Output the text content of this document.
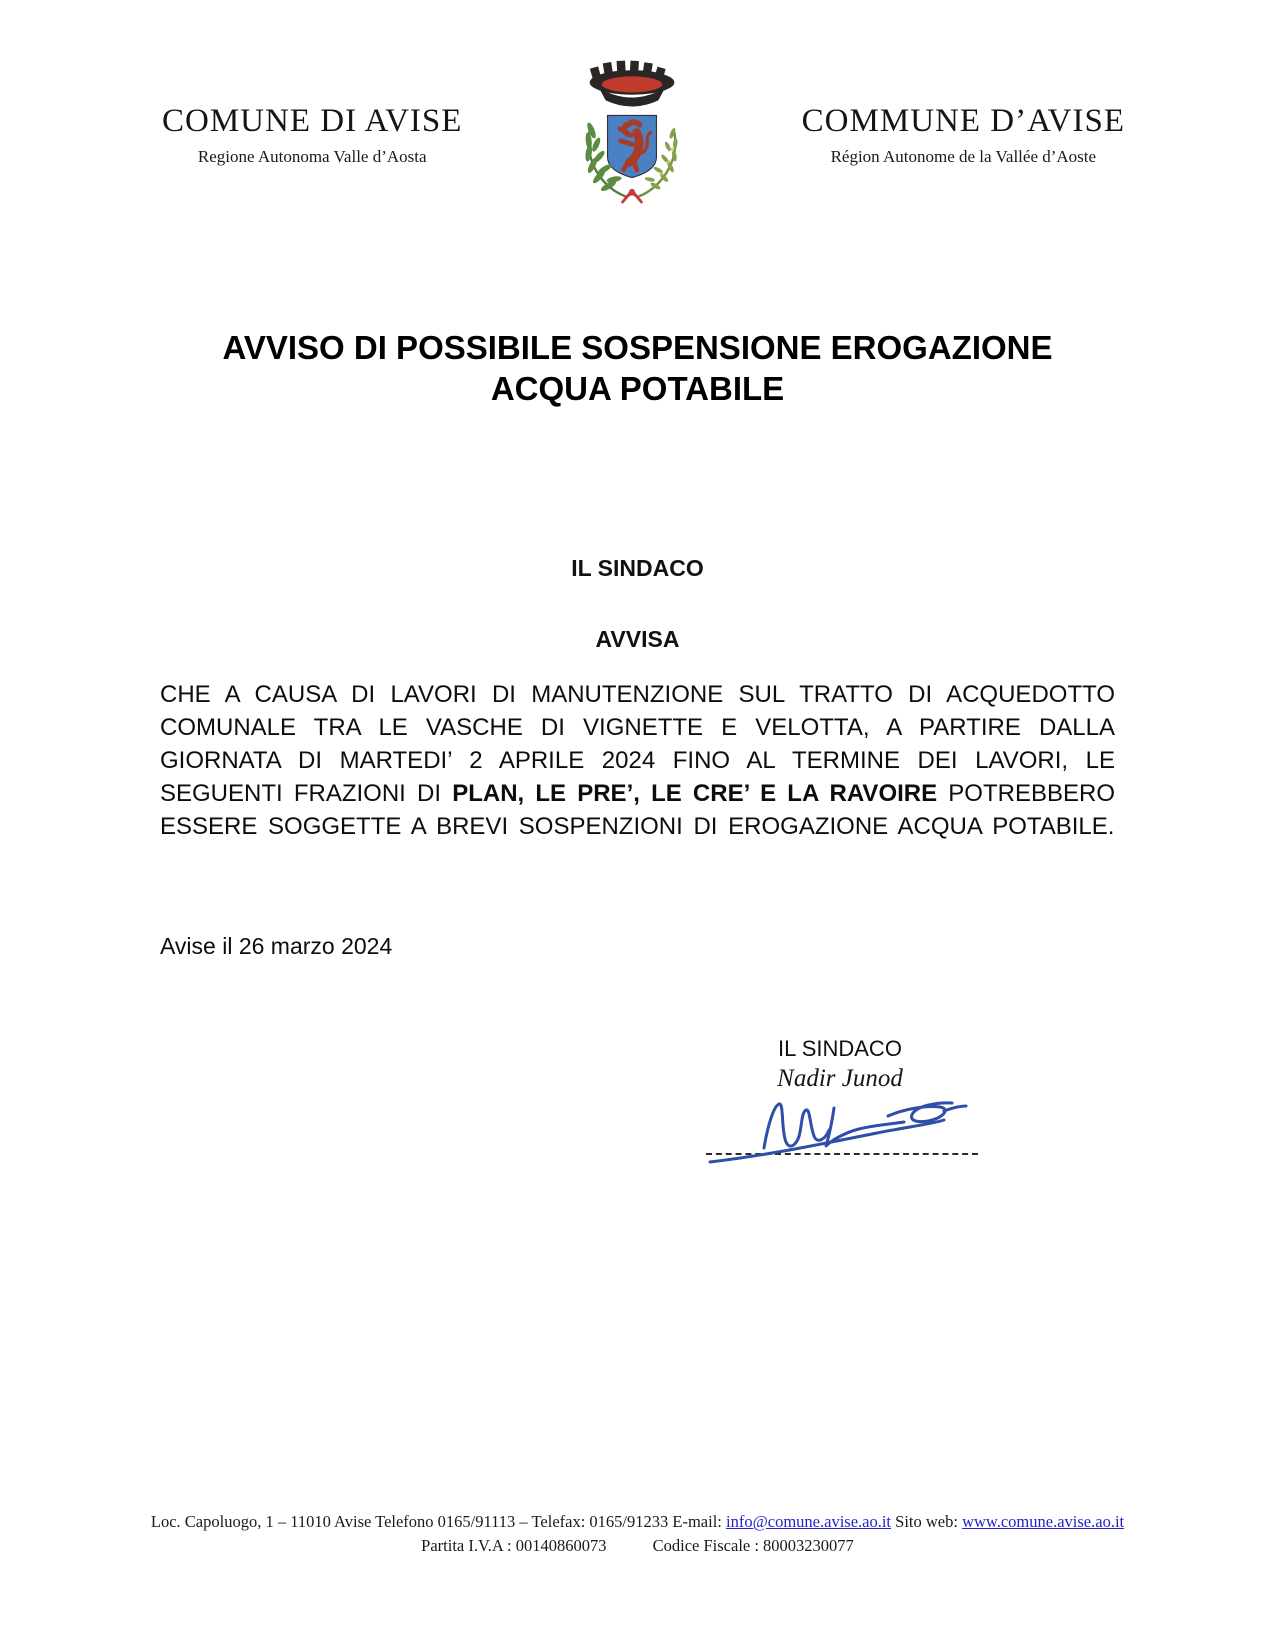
COMUNE DI AVISE
Regione Autonoma Valle d’Aosta
COMMUNE D’AVISE
Région Autonome de la Vallée d’Aoste
AVVISO DI POSSIBILE SOSPENSIONE EROGAZIONE ACQUA POTABILE
IL SINDACO
AVVISA
CHE A CAUSA DI LAVORI DI MANUTENZIONE SUL TRATTO DI ACQUEDOTTO COMUNALE TRA LE VASCHE DI VIGNETTE E VELOTTA, A PARTIRE DALLA GIORNATA DI MARTEDI’ 2 APRILE 2024 FINO AL TERMINE DEI LAVORI, LE SEGUENTI FRAZIONI DI PLAN, LE PRE’, LE CRE’ E LA RAVOIRE POTREBBERO ESSERE SOGGETTE A BREVI SOSPENZIONI DI EROGAZIONE ACQUA POTABILE.
Avise il 26 marzo 2024
IL SINDACO
Nadir Junod
Loc. Capoluogo, 1 – 11010 Avise Telefono 0165/91113 – Telefax: 0165/91233 E-mail: info@comune.avise.ao.it Sito web: www.comune.avise.ao.it
Partita I.V.A : 00140860073	Codice Fiscale : 80003230077
